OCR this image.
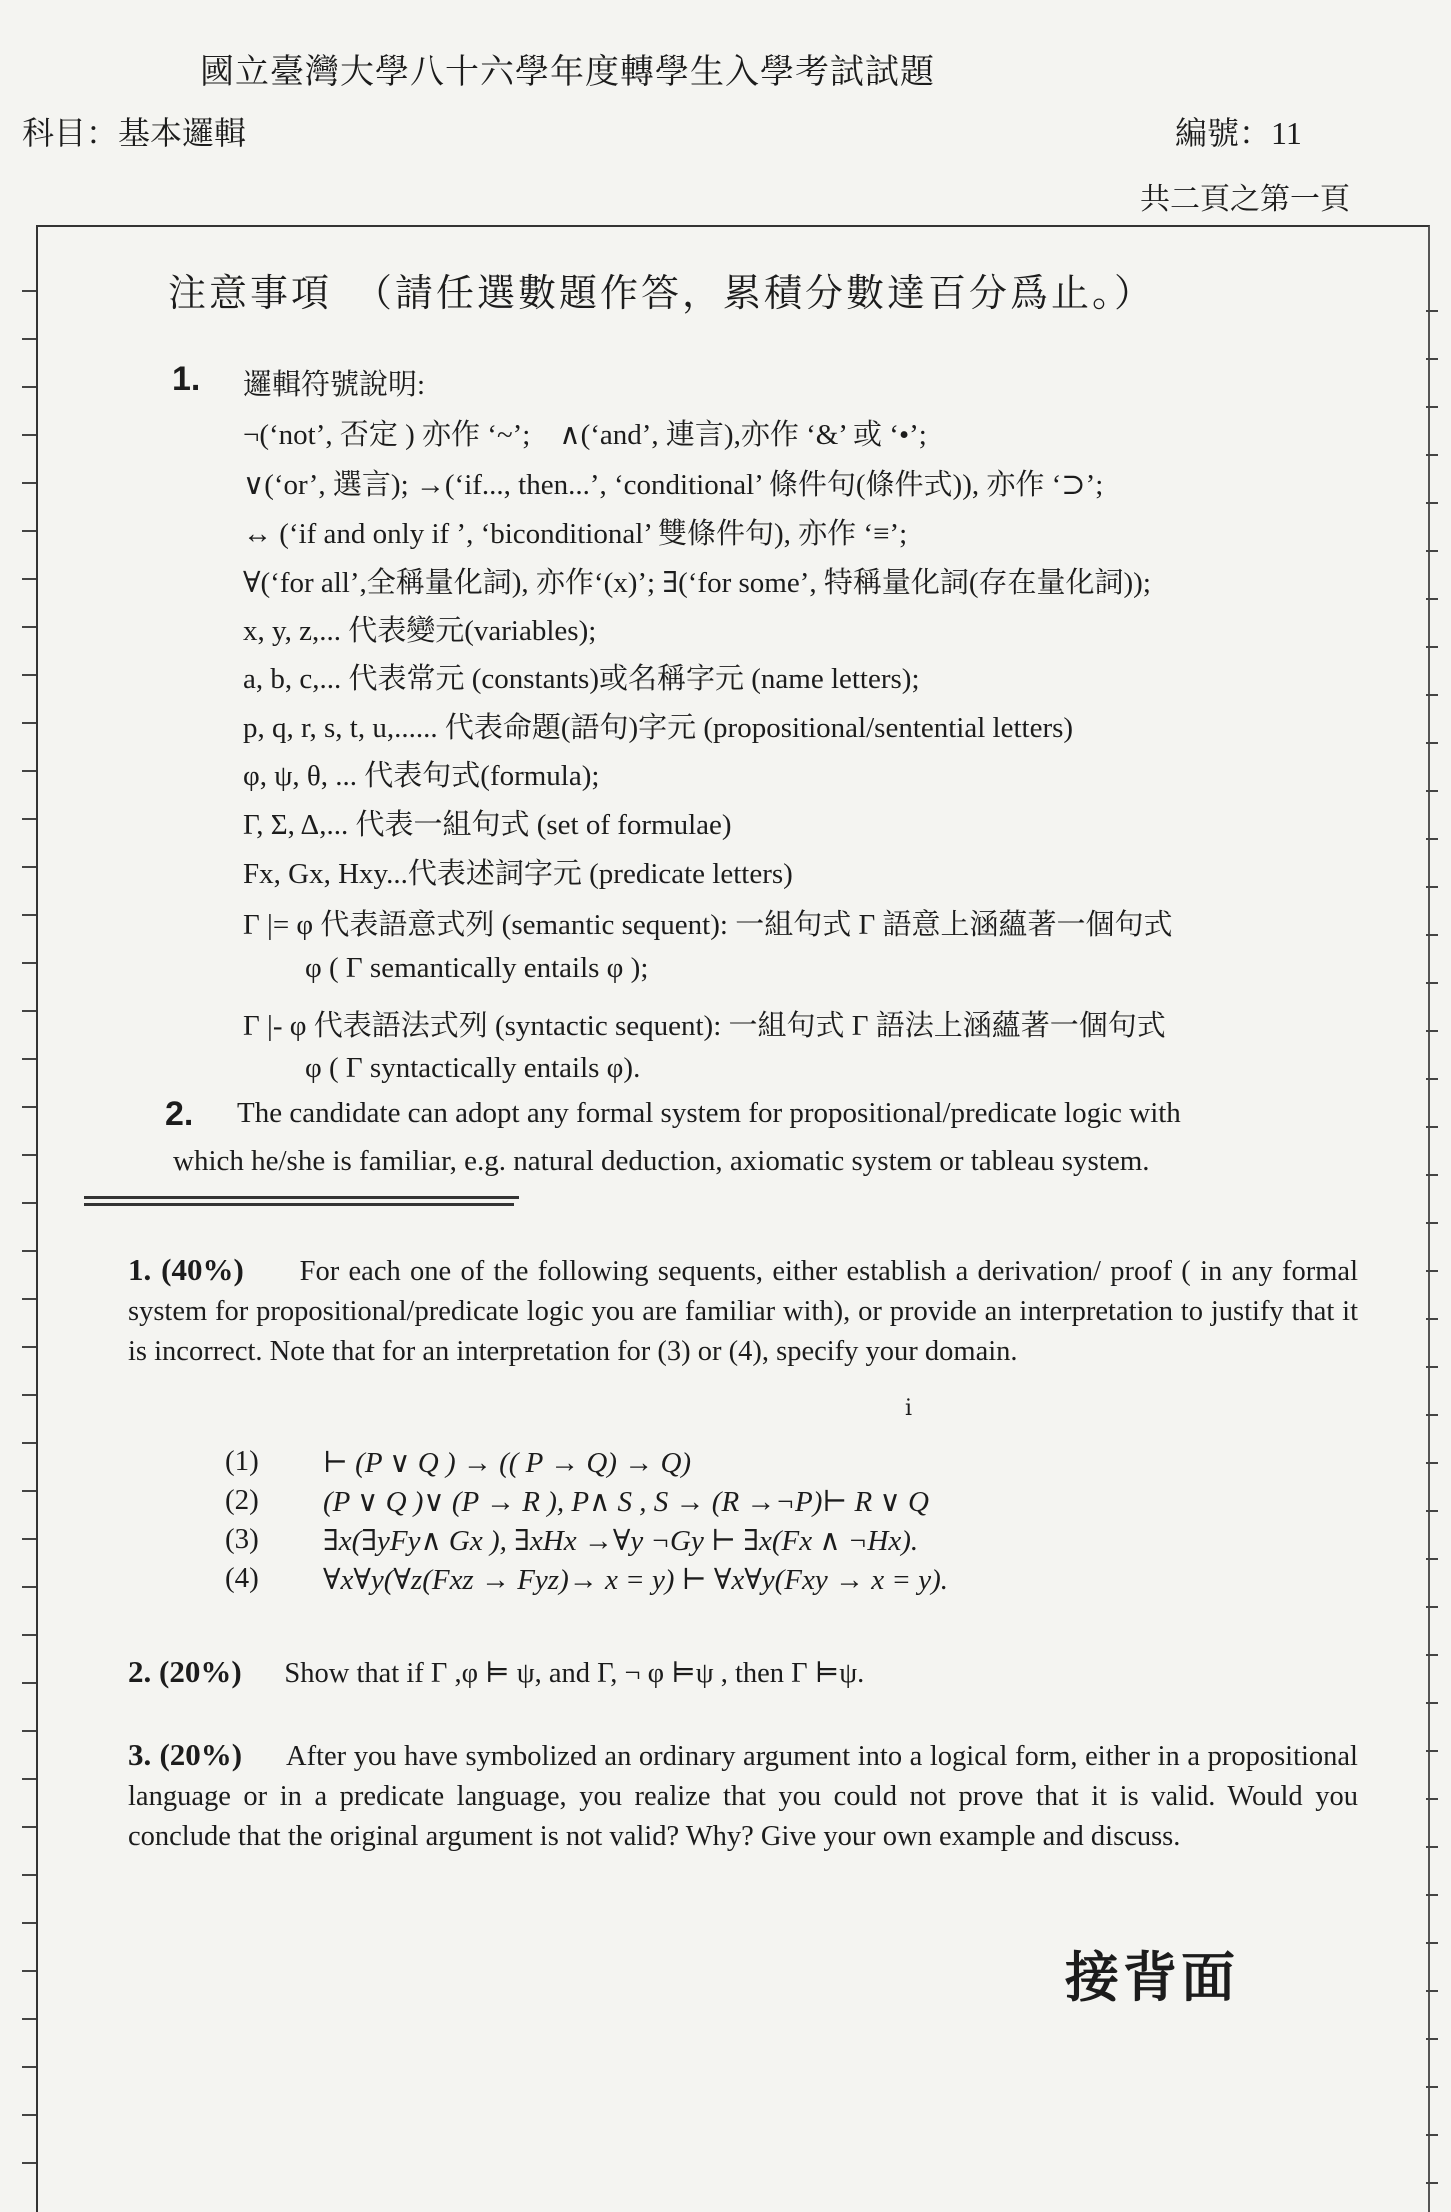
國立臺灣大學八十六學年度轉學生入學考試試題
科目：基本邏輯	編號：11
共二頁之第一頁
注意事項　（請任選數題作答，累積分數達百分爲止。）
1. 邏輯符號說明:
¬(‘not’, 否定 ) 亦作 ‘~’;　∧(‘and’, 連言),亦作 ‘&’ 或 ‘•’;
∨(‘or’, 選言); →(‘if..., then...’, ‘conditional’ 條件句(條件式)), 亦作 ‘⊃’;
↔ (‘if and only if ’, ‘biconditional’ 雙條件句), 亦作 ‘≡’;
∀(‘for all’,全稱量化詞), 亦作‘(x)’; ∃(‘for some’, 特稱量化詞(存在量化詞));
x, y, z,... 代表變元(variables);
a, b, c,... 代表常元 (constants)或名稱字元 (name letters);
p, q, r, s, t, u,...... 代表命題(語句)字元 (propositional/sentential letters)
φ, ψ, θ, ... 代表句式(formula);
Γ, Σ, Δ,... 代表一組句式 (set of formulae)
Fx, Gx, Hxy...代表述詞字元 (predicate letters)
Γ |= φ 代表語意式列 (semantic sequent): 一組句式 Γ 語意上涵蘊著一個句式
φ ( Γ semantically entails φ );
Γ |- φ 代表語法式列 (syntactic sequent): 一組句式 Γ 語法上涵蘊著一個句式
φ ( Γ syntactically entails φ).
2. The candidate can adopt any formal system for propositional/predicate logic with
which he/she is familiar, e.g. natural deduction, axiomatic system or tableau system.
1. (40%) For each one of the following sequents, either establish a derivation/ proof ( in any formal system for propositional/predicate logic you are familiar with), or provide an interpretation to justify that it is incorrect. Note that for an interpretation for (3) or (4), specify your domain.
ⅰ
(1) ⊢ (P ∨ Q ) → (( P → Q) → Q)
(2) (P ∨ Q )∨ (P → R ), P∧ S , S → (R →¬P)⊢ R ∨ Q
(3) ∃x(∃yFy∧ Gx ), ∃xHx →∀y ¬Gy ⊢ ∃x(Fx ∧ ¬Hx).
(4) ∀x∀y(∀z(Fxz → Fyz)→ x = y) ⊢ ∀x∀y(Fxy → x = y).
2. (20%) Show that if Γ ,φ ⊨ ψ, and Γ, ¬ φ ⊨ψ , then Γ ⊨ψ.
3. (20%) After you have symbolized an ordinary argument into a logical form, either in a propositional language or in a predicate language, you realize that you could not prove that it is valid. Would you conclude that the original argument is not valid? Why? Give your own example and discuss.
接背面
